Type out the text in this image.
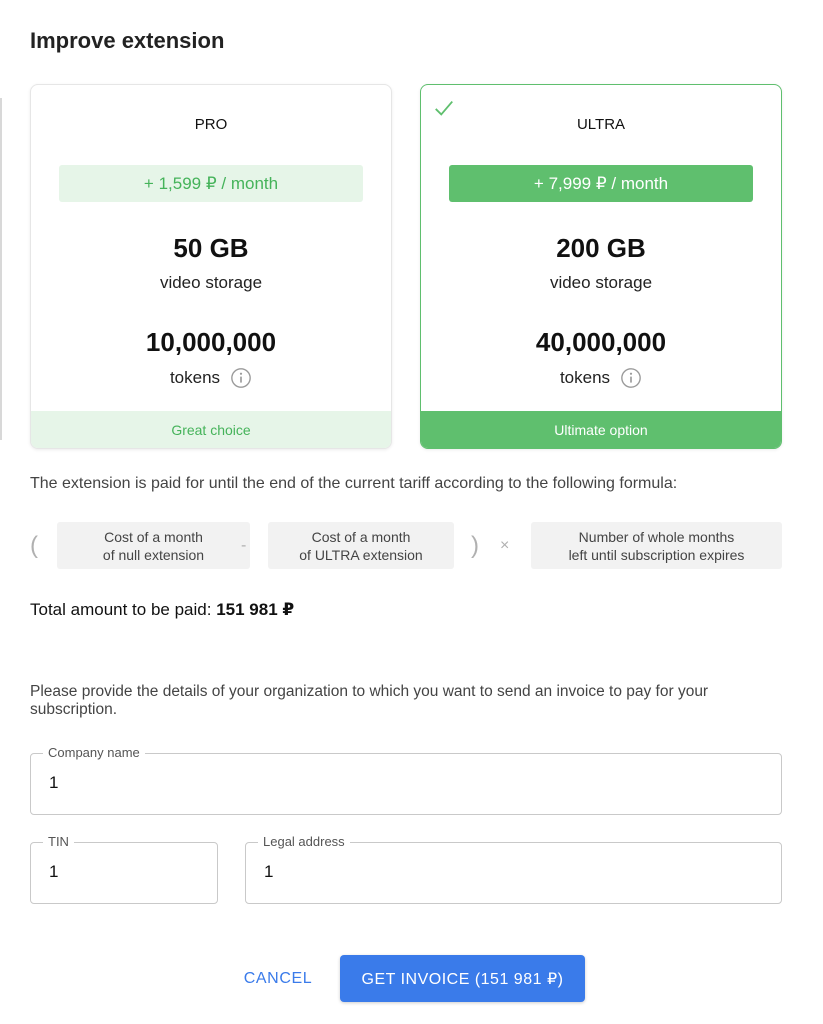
Improve extension
PRO
+ 1,599 ₽ / month
50 GB
video storage
10,000,000
tokens
Great choice
ULTRA
+ 7,999 ₽ / month
200 GB
video storage
40,000,000
tokens
Ultimate option
The extension is paid for until the end of the current tariff according to the following formula:
(	Cost of a month
of null extension
-	Cost of a month
of ULTRA extension	) ×	Number of whole months
left until subscription expires
Total amount to be paid: 151 981 ₽
Please provide the details of your organization to which you want to send an invoice to pay for your subscription.
Company name
1
TIN
1	Legal address
1
CANCEL	GET INVOICE (151 981 ₽)
